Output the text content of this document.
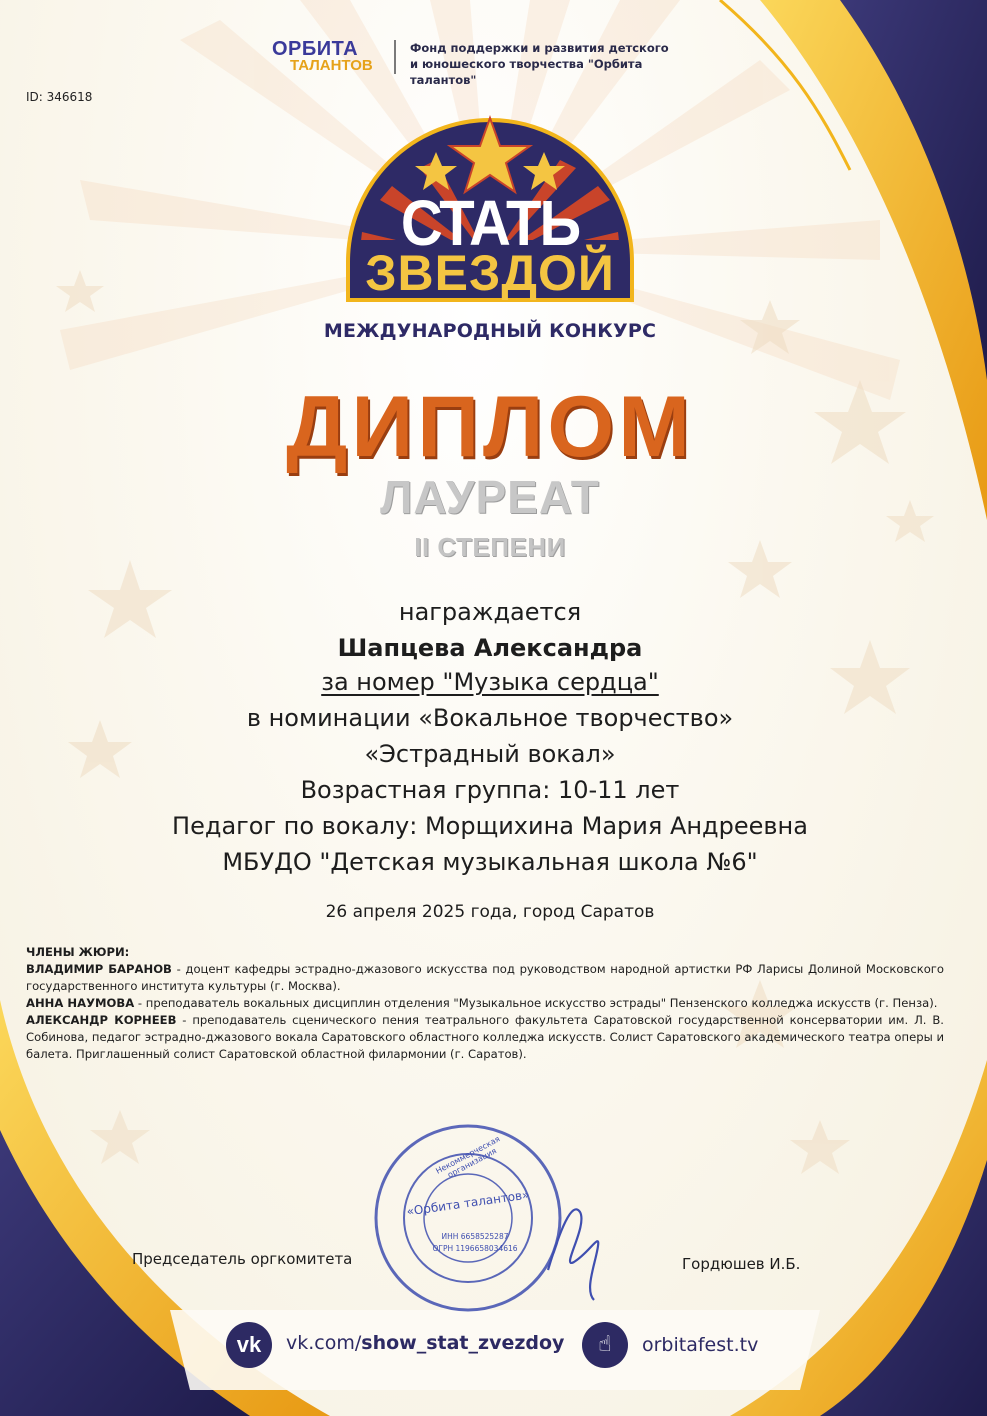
«Орбита талантов»
Некоммерческая организация
ИНН 6658525287
ОГРН 1196658034616
ОРБИТА
ТАЛАНТОВ
Фонд поддержки и развития детского
и юношеского творчества "Орбита талантов"
ID: 346618
СТАТЬ
ЗВЕЗДОЙ
МЕЖДУНАРОДНЫЙ КОНКУРС
ДИПЛОМ
ЛАУРЕАТ
II СТЕПЕНИ
награждается
Шапцева Александра
за номер "Музыка сердца"
в номинации «Вокальное творчество»
«Эстрадный вокал»
Возрастная группа: 10-11 лет
Педагог по вокалу: Морщихина Мария Андреевна
МБУДО "Детская музыкальная школа №6"
26 апреля 2025 года, город Саратов
ЧЛЕНЫ ЖЮРИ:

ВЛАДИМИР БАРАНОВ - доцент кафедры эстрадно-джазового искусства под руководством народной артистки РФ Ларисы Долиной Московского государственного института культуры (г. Москва).

АННА НАУМОВА - преподаватель вокальных дисциплин отделения "Музыкальное искусство эстрады" Пензенского колледжа искусств (г. Пенза).

АЛЕКСАНДР КОРНЕЕВ - преподаватель сценического пения театрального факультета Саратовской государственной консерватории им. Л. В. Собинова, педагог эстрадно-джазового вокала Саратовского областного колледжа искусств. Солист Саратовского академического театра оперы и балета. Приглашенный солист Саратовской областной филармонии (г. Саратов).

Председатель оргкомитета	Гордюшев И.Б.
vk	vk.com/show_stat_zvezdoy	☝	orbitafest.tv
